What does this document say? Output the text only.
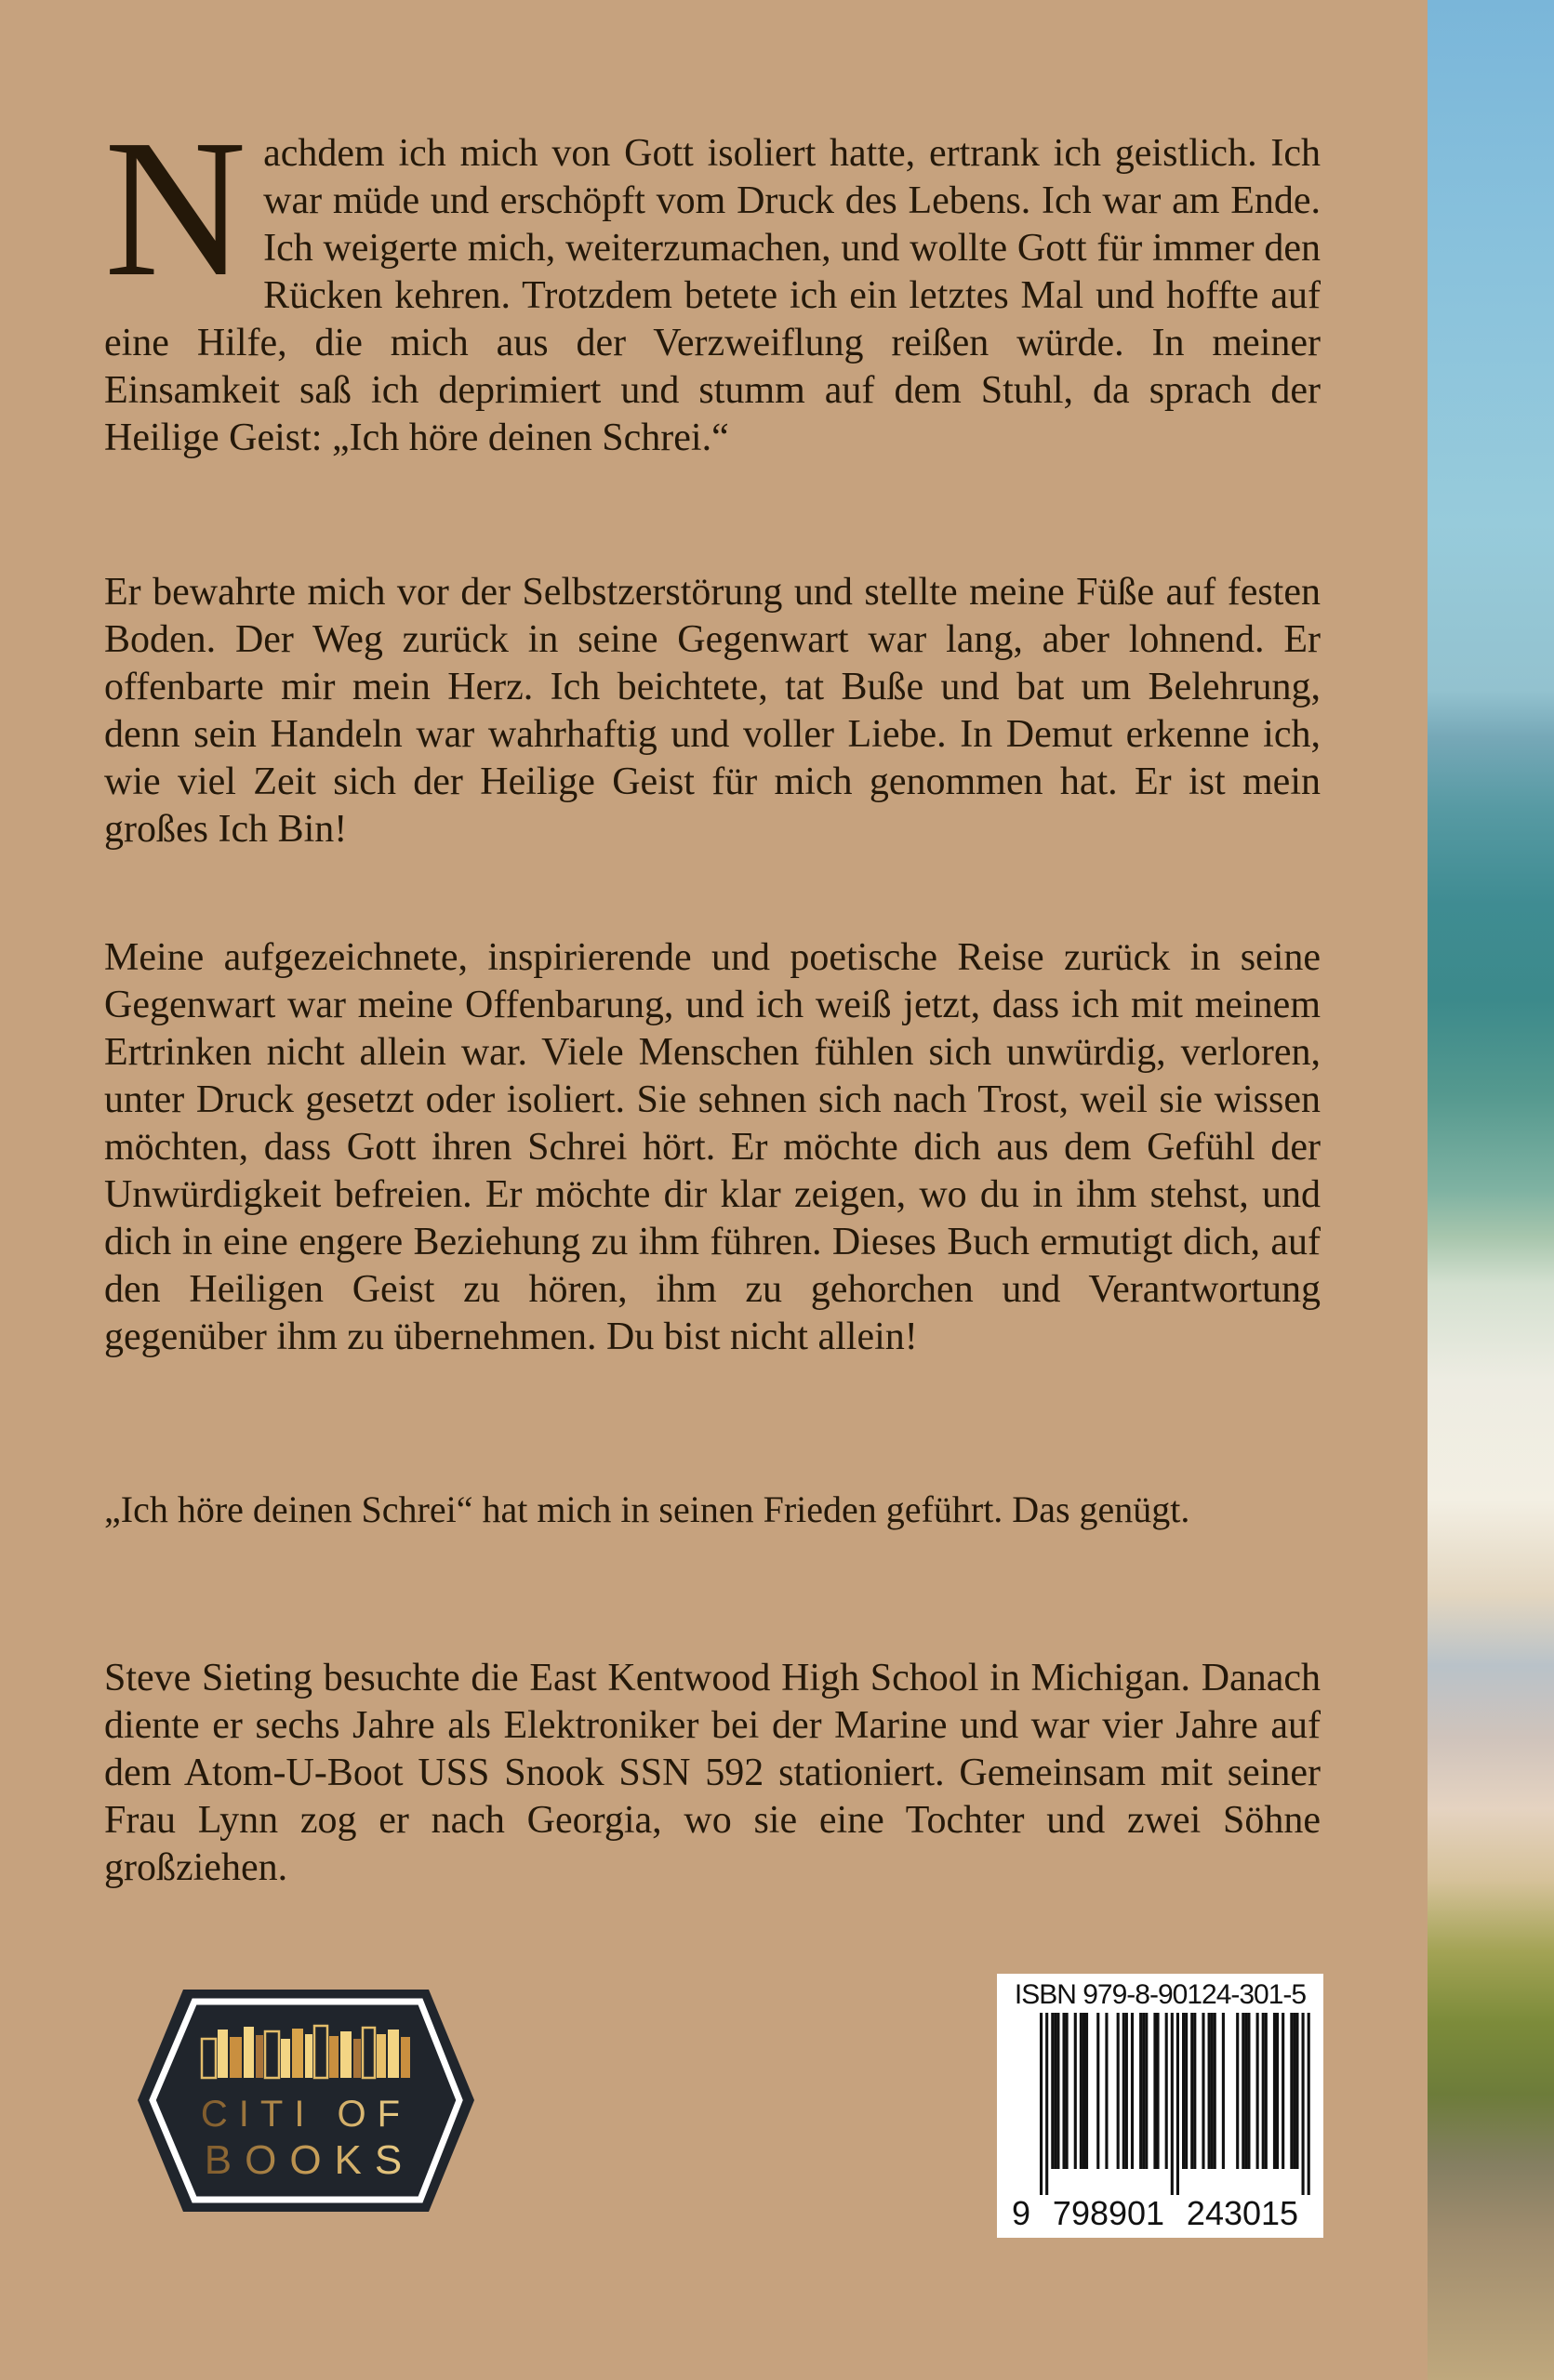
Nachdem ich mich von Gott isoliert hatte, ertrank ich geistlich. Ich war müde und erschöpft vom Druck des Lebens. Ich war am Ende. Ich weigerte mich, weiterzumachen, und wollte Gott für immer den Rücken kehren. Trotzdem betete ich ein letztes Mal und hoffte auf eine Hilfe, die mich aus der Verzweiflung reißen würde. In meiner Einsamkeit saß ich deprimiert und stumm auf dem Stuhl, da sprach der Heilige Geist: „Ich höre deinen Schrei.“

Er bewahrte mich vor der Selbstzerstörung und stellte meine Füße auf festen Boden. Der Weg zurück in seine Gegenwart war lang, aber lohnend. Er offenbarte mir mein Herz. Ich beichtete, tat Buße und bat um Belehrung, denn sein Handeln war wahrhaftig und voller Liebe. In Demut erkenne ich, wie viel Zeit sich der Heilige Geist für mich genommen hat. Er ist mein großes Ich Bin!

Meine aufgezeichnete, inspirierende und poetische Reise zurück in seine Gegenwart war meine Offenbarung, und ich weiß jetzt, dass ich mit meinem Ertrinken nicht allein war. Viele Menschen fühlen sich unwürdig, verloren, unter Druck gesetzt oder isoliert. Sie sehnen sich nach Trost, weil sie wissen möchten, dass Gott ihren Schrei hört. Er möchte dich aus dem Gefühl der Unwürdigkeit befreien. Er möchte dir klar zeigen, wo du in ihm stehst, und dich in eine engere Beziehung zu ihm führen. Dieses Buch ermutigt dich, auf den Heiligen Geist zu hören, ihm zu gehorchen und Verantwortung gegenüber ihm zu übernehmen. Du bist nicht allein!

„Ich höre deinen Schrei“ hat mich in seinen Frieden geführt. Das genügt.

Steve Sieting besuchte die East Kentwood High School in Michigan. Danach diente er sechs Jahre als Elektroniker bei der Marine und war vier Jahre auf dem Atom-U-Boot USS Snook SSN 592 stationiert. Gemeinsam mit seiner Frau Lynn zog er nach Georgia, wo sie eine Tochter und zwei Söhne großziehen.

CITI OF
BOOKS
ISBN 979-8-90124-301-5
9 798901 243015
